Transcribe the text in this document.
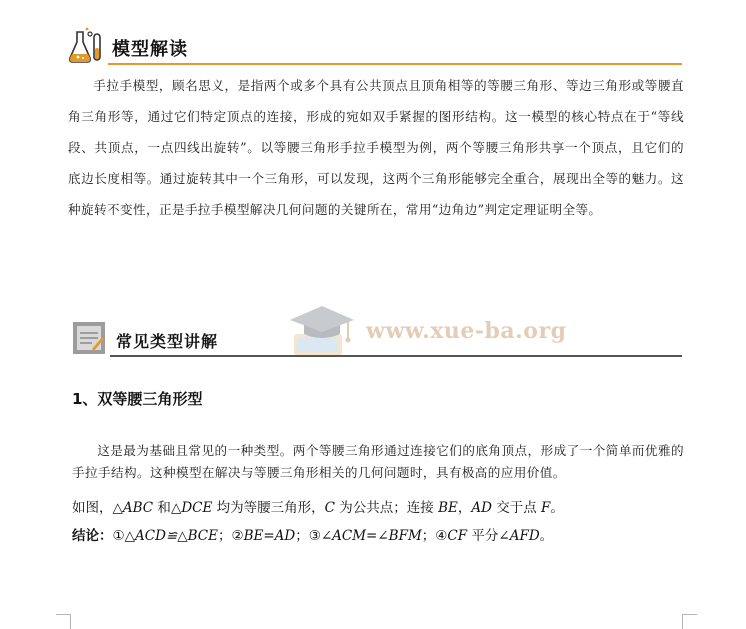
模型解读

手拉手模型，顾名思义，是指两个或多个具有公共顶点且顶角相等的等腰三角形、等边三角形或等腰直角三角形等，通过它们特定顶点的连接，形成的宛如双手紧握的图形结构。这一模型的核心特点在于“等线段、共顶点，一点四线出旋转”。以等腰三角形手拉手模型为例，两个等腰三角形共享一个顶点，且它们的底边长度相等。通过旋转其中一个三角形，可以发现，这两个三角形能够完全重合，展现出全等的魅力。这种旋转不变性，正是手拉手模型解决几何问题的关键所在，常用“边角边”判定定理证明全等。

www.xue-ba.org
常见类型讲解
1、双等腰三角形型

这是最为基础且常见的一种类型。两个等腰三角形通过连接它们的底角顶点，形成了一个简单而优雅的手拉手结构。这种模型在解决与等腰三角形相关的几何问题时，具有极高的应用价值。

如图，△ABC 和△DCE 均为等腰三角形，C 为公共点；连接 BE，AD 交于点 F。
结论：①△ACD≌△BCE；②BE=AD；③∠ACM=∠BFM；④CF 平分∠AFD。
